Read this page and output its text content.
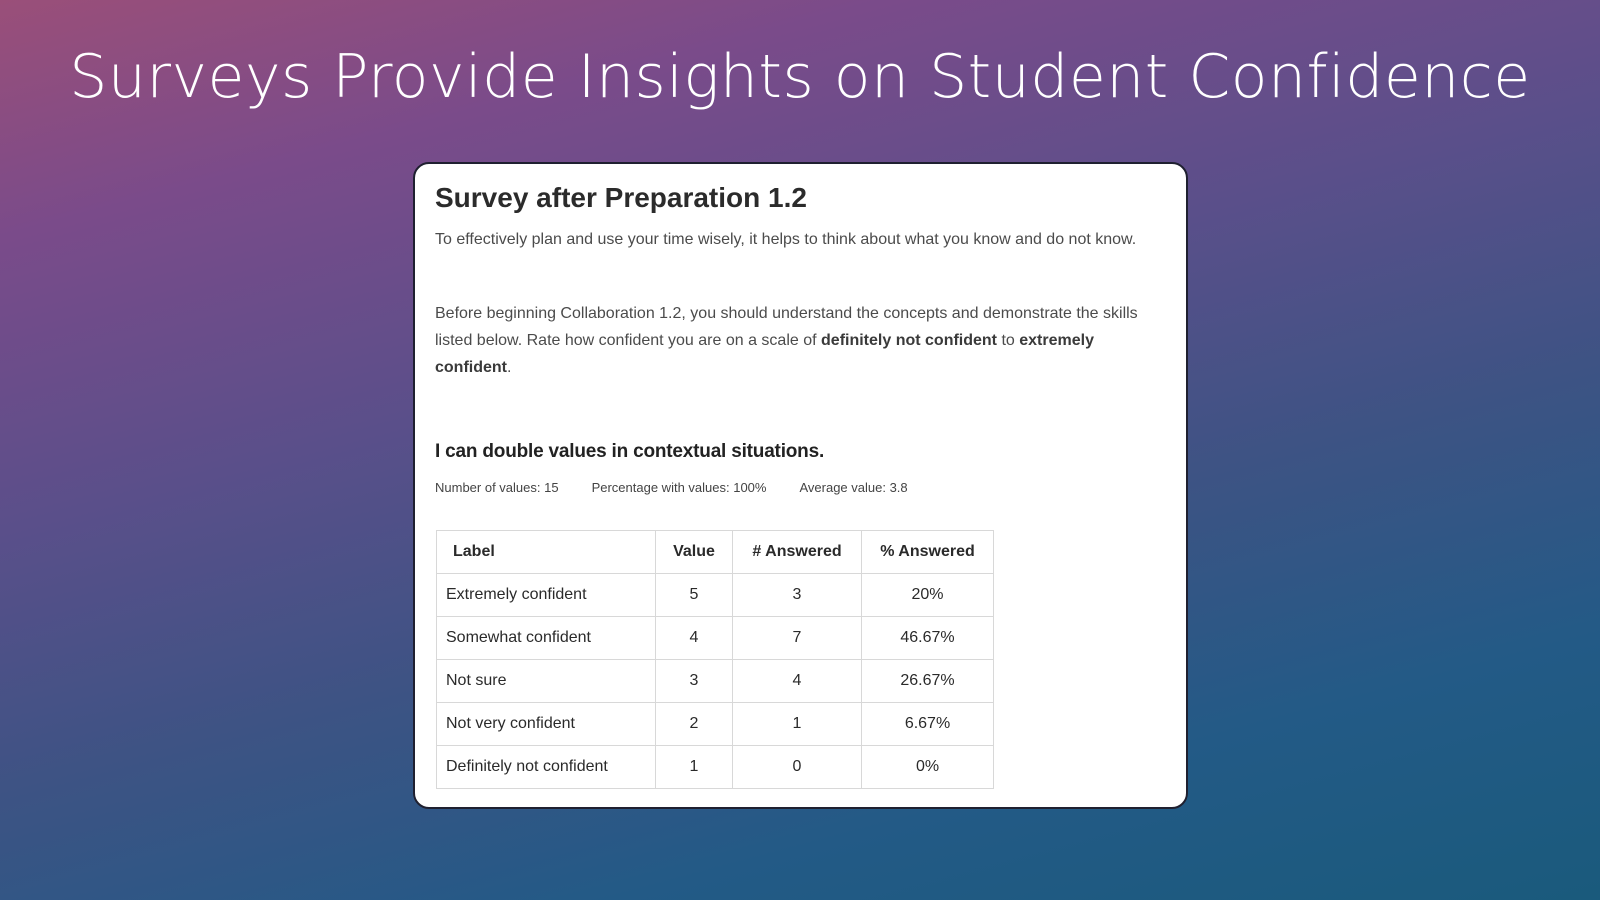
Surveys Provide Insights on Student Confidence
Survey after Preparation 1.2
To effectively plan and use your time wisely, it helps to think about what you know and do not know.
Before beginning Collaboration 1.2, you should understand the concepts and demonstrate the skills listed below. Rate how confident you are on a scale of definitely not confident to extremely confident.
I can double values in contextual situations.
Number of values: 15	Percentage with values: 100%	Average value: 3.8
Label	Value	# Answered	% Answered
Extremely confident	5	3	20%
Somewhat confident	4	7	46.67%
Not sure	3	4	26.67%
Not very confident	2	1	6.67%
Definitely not confident	1	0	0%
